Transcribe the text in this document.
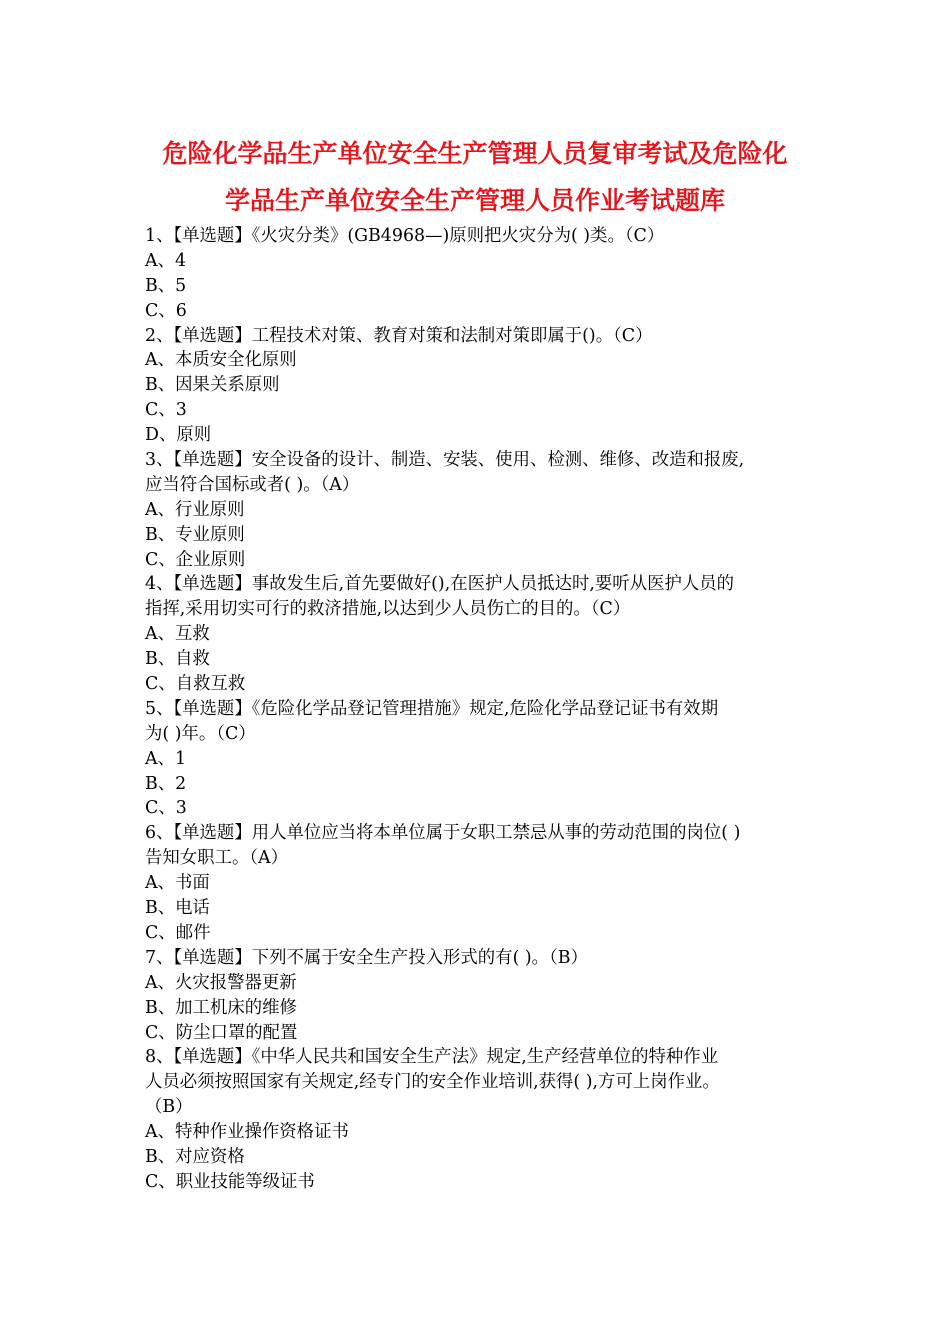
危险化学品生产单位安全生产管理人员复审考试及危险化
学品生产单位安全生产管理人员作业考试题库
1、【单选题】《火灾分类》(GB4968—)原则把火灾分为( )类。（C）
A、4
B、5
C、6
2、【单选题】工程技术对策、教育对策和法制对策即属于()。（C）
A、本质安全化原则
B、因果关系原则
C、3
D、原则
3、【单选题】安全设备的设计、制造、安装、使用、检测、维修、改造和报废,
应当符合国标或者( )。（A）
A、行业原则
B、专业原则
C、企业原则
4、【单选题】事故发生后,首先要做好(),在医护人员抵达时,要听从医护人员的
指挥,采用切实可行的救济措施,以达到少人员伤亡的目的。（C）
A、互救
B、自救
C、自救互救
5、【单选题】《危险化学品登记管理措施》规定,危险化学品登记证书有效期
为( )年。（C）
A、1
B、2
C、3
6、【单选题】用人单位应当将本单位属于女职工禁忌从事的劳动范围的岗位( )
告知女职工。（A）
A、书面
B、电话
C、邮件
7、【单选题】下列不属于安全生产投入形式的有( )。（B）
A、火灾报警器更新
B、加工机床的维修
C、防尘口罩的配置
8、【单选题】《中华人民共和国安全生产法》规定,生产经营单位的特种作业
人员必须按照国家有关规定,经专门的安全作业培训,获得( ),方可上岗作业。
（B）
A、特种作业操作资格证书
B、对应资格
C、职业技能等级证书
